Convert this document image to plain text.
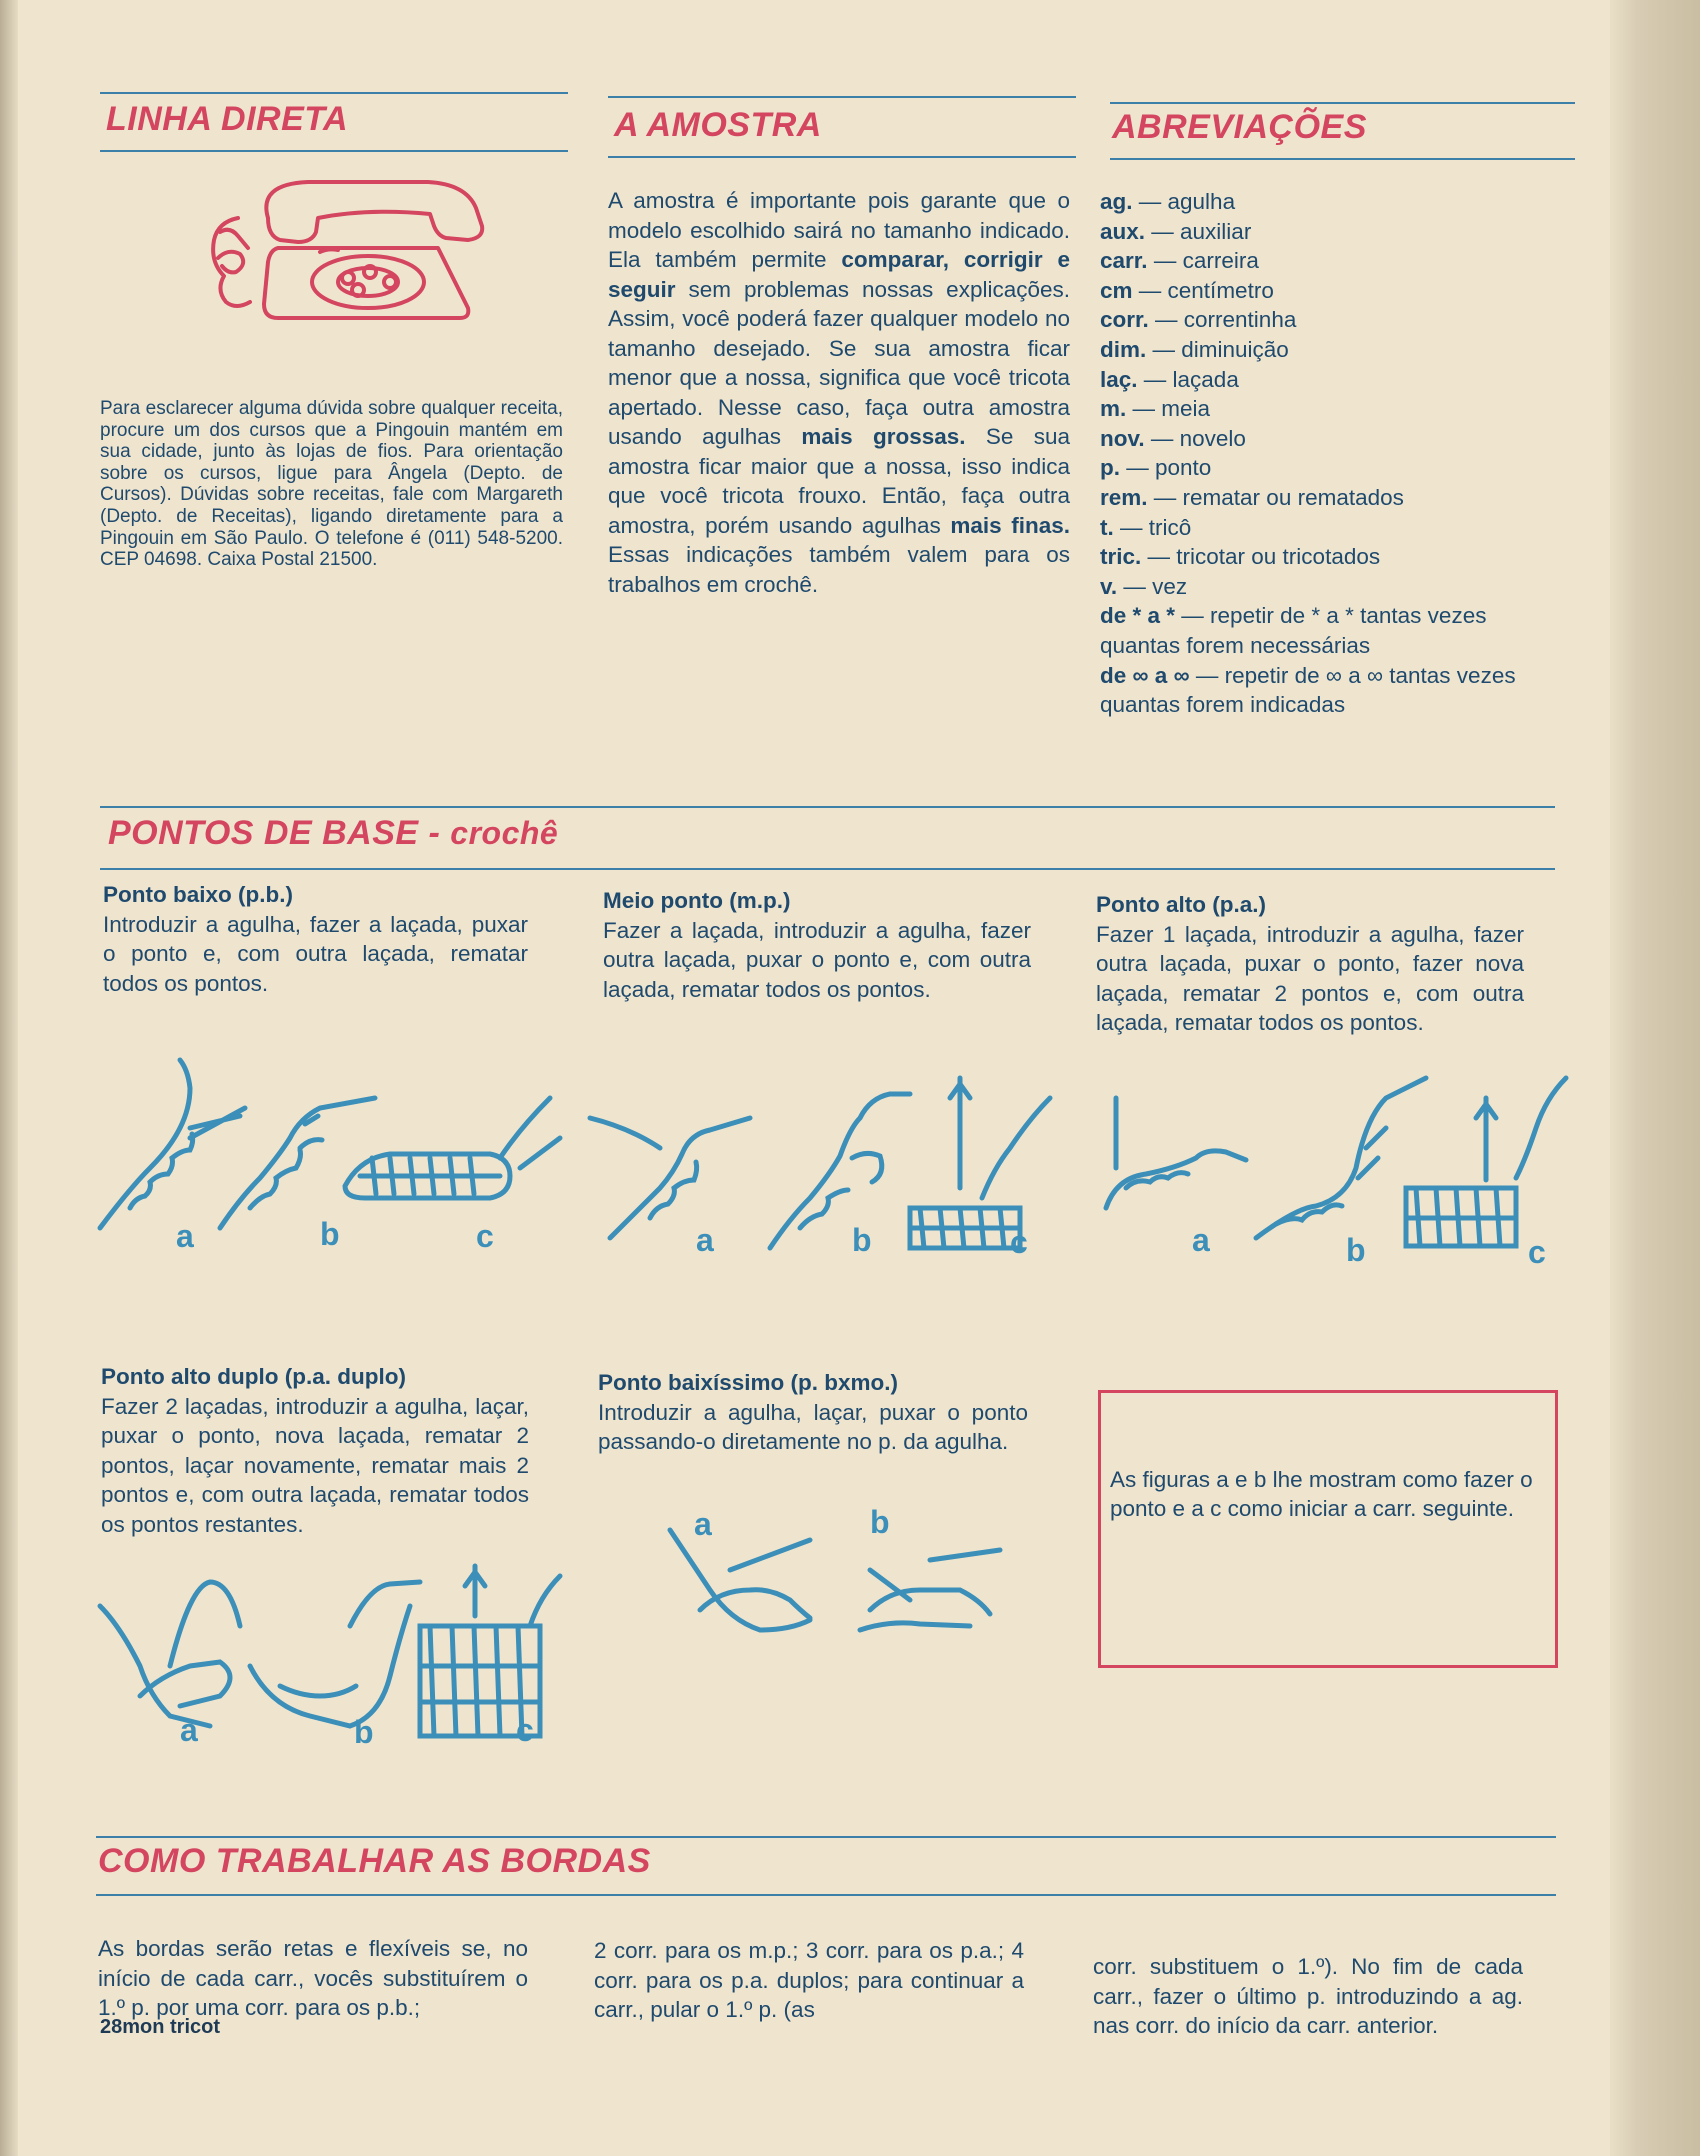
LINHA DIRETA

Para esclarecer alguma dúvida sobre qualquer receita, procure um dos cursos que a Pingouin mantém em sua cidade, junto às lojas de fios. Para orientação sobre os cursos, ligue para Ângela (Depto. de Cursos). Dúvidas sobre receitas, fale com Margareth (Depto. de Receitas), ligando diretamente para a Pingouin em São Paulo. O telefone é (011) 548-5200. CEP 04698. Caixa Postal 21500.

A AMOSTRA

A amostra é importante pois garante que o modelo escolhido sairá no tamanho indicado. Ela também permite comparar, corrigir e seguir sem problemas nossas explicações. Assim, você poderá fazer qualquer modelo no tamanho desejado. Se sua amostra ficar menor que a nossa, significa que você tricota apertado. Nesse caso, faça outra amostra usando agulhas mais grossas. Se sua amostra ficar maior que a nossa, isso indica que você tricota frouxo. Então, faça outra amostra, porém usando agulhas mais finas. Essas indicações também valem para os trabalhos em crochê.

ABREVIAÇÕES
ag. — agulha
aux. — auxiliar
carr. — carreira
cm — centímetro
corr. — correntinha
dim. — diminuição
laç. — laçada
m. — meia
nov. — novelo
p. — ponto
rem. — rematar ou rematados
t. — tricô
tric. — tricotar ou tricotados
v. — vez
de * a * — repetir de * a * tantas vezes quantas forem necessárias
de ∞ a ∞ — repetir de ∞ a ∞ tantas vezes quantas forem indicadas
PONTOS DE BASE - crochê

Ponto baixo (p.b.)
Introduzir a agulha, fazer a laçada, puxar o ponto e, com outra laçada, rematar todos os pontos.

Meio ponto (m.p.)
Fazer a laçada, introduzir a agulha, fazer outra laçada, puxar o ponto e, com outra laçada, rematar todos os pontos.

Ponto alto (p.a.)
Fazer 1 laçada, introduzir a agulha, fazer outra laçada, puxar o ponto, fazer nova laçada, rematar 2 pontos e, com outra laçada, rematar todos os pontos.

a	b	c	a	b	c	a	b	c

Ponto alto duplo (p.a. duplo)
Fazer 2 laçadas, introduzir a agulha, laçar, puxar o ponto, nova laçada, rematar 2 pontos, laçar novamente, rematar mais 2 pontos e, com outra laçada, rematar todos os pontos restantes.

Ponto baixíssimo (p. bxmo.)
Introduzir a agulha, laçar, puxar o ponto passando-o diretamente no p. da agulha.

a	b	c
a	b

As figuras a e b lhe mostram como fazer o ponto e a c como iniciar a carr. seguinte.

COMO TRABALHAR AS BORDAS

As bordas serão retas e flexíveis se, no início de cada carr., vocês substituírem o 1.º p. por uma corr. para os p.b.;

2 corr. para os m.p.; 3 corr. para os p.a.; 4 corr. para os p.a. duplos; para continuar a carr., pular o 1.º p. (as

corr. substituem o 1.º). No fim de cada carr., fazer o último p. introduzindo a ag. nas corr. do início da carr. anterior.

28mon tricot
